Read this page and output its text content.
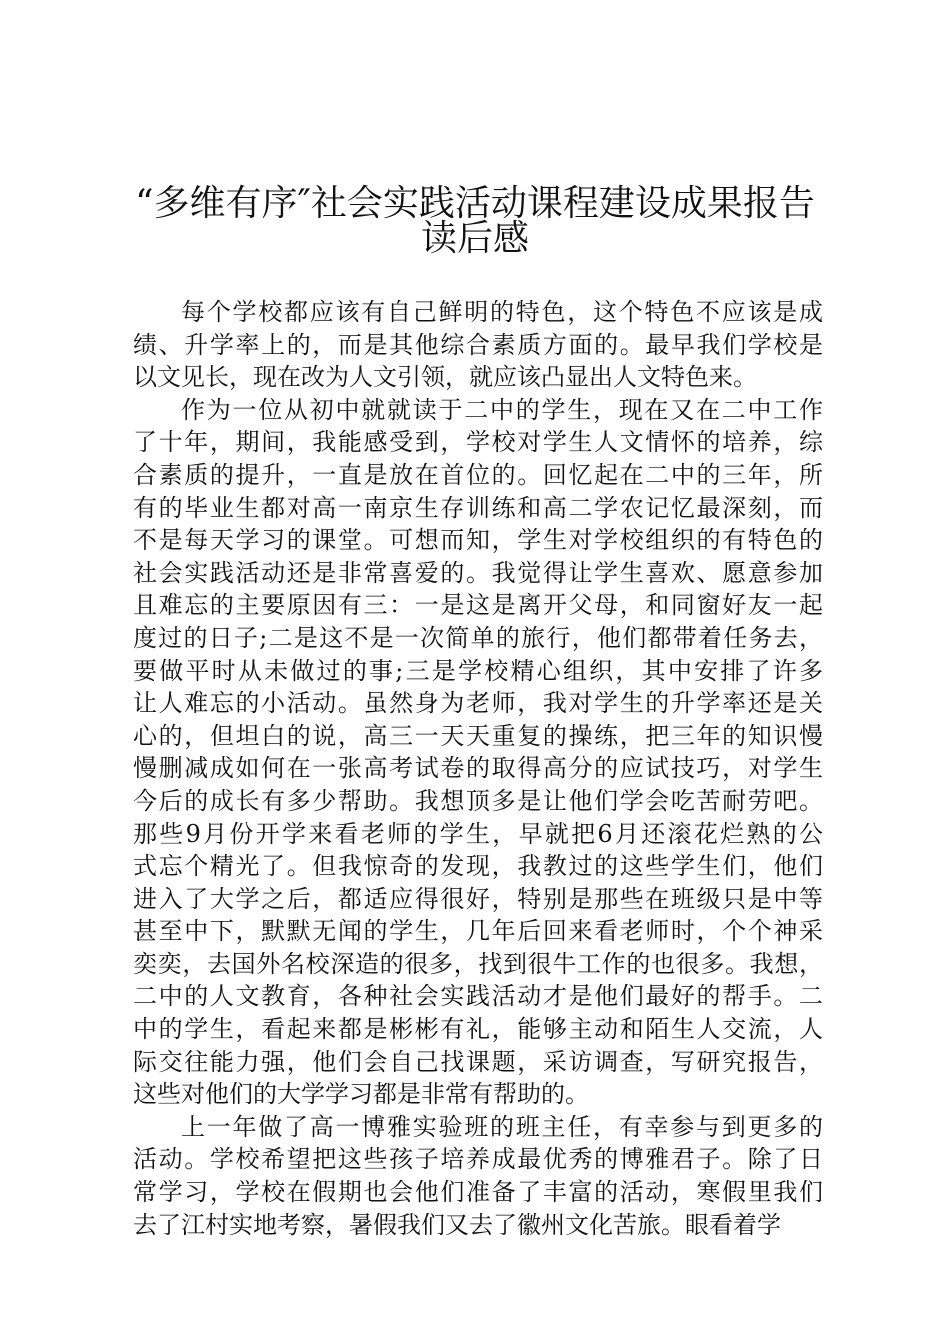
“多维有序″社会实践活动课程建设成果报告
读后感
每个学校都应该有自己鲜明的特色，这个特色不应该是成
绩、升学率上的，而是其他综合素质方面的。最早我们学校是
以文见长，现在改为人文引领，就应该凸显出人文特色来。
作为一位从初中就就读于二中的学生，现在又在二中工作
了十年，期间，我能感受到，学校对学生人文情怀的培养，综
合素质的提升，一直是放在首位的。回忆起在二中的三年，所
有的毕业生都对高一南京生存训练和高二学农记忆最深刻，而
不是每天学习的课堂。可想而知，学生对学校组织的有特色的
社会实践活动还是非常喜爱的。我觉得让学生喜欢、愿意参加
且难忘的主要原因有三：一是这是离开父母，和同窗好友一起
度过的日子;二是这不是一次简单的旅行，他们都带着任务去，
要做平时从未做过的事;三是学校精心组织，其中安排了许多
让人难忘的小活动。虽然身为老师，我对学生的升学率还是关
心的，但坦白的说，高三一天天重复的操练，把三年的知识慢
慢删减成如何在一张高考试卷的取得高分的应试技巧，对学生
今后的成长有多少帮助。我想顶多是让他们学会吃苦耐劳吧。
那些9月份开学来看老师的学生，早就把6月还滚花烂熟的公
式忘个精光了。但我惊奇的发现，我教过的这些学生们，他们
进入了大学之后，都适应得很好，特别是那些在班级只是中等
甚至中下，默默无闻的学生，几年后回来看老师时，个个神采
奕奕，去国外名校深造的很多，找到很牛工作的也很多。我想，
二中的人文教育，各种社会实践活动才是他们最好的帮手。二
中的学生，看起来都是彬彬有礼，能够主动和陌生人交流，人
际交往能力强，他们会自己找课题，采访调查，写研究报告，
这些对他们的大学学习都是非常有帮助的。
上一年做了高一博雅实验班的班主任，有幸参与到更多的
活动。学校希望把这些孩子培养成最优秀的博雅君子。除了日
常学习，学校在假期也会他们准备了丰富的活动，寒假里我们
去了江村实地考察，暑假我们又去了徽州文化苦旅。眼看着学
